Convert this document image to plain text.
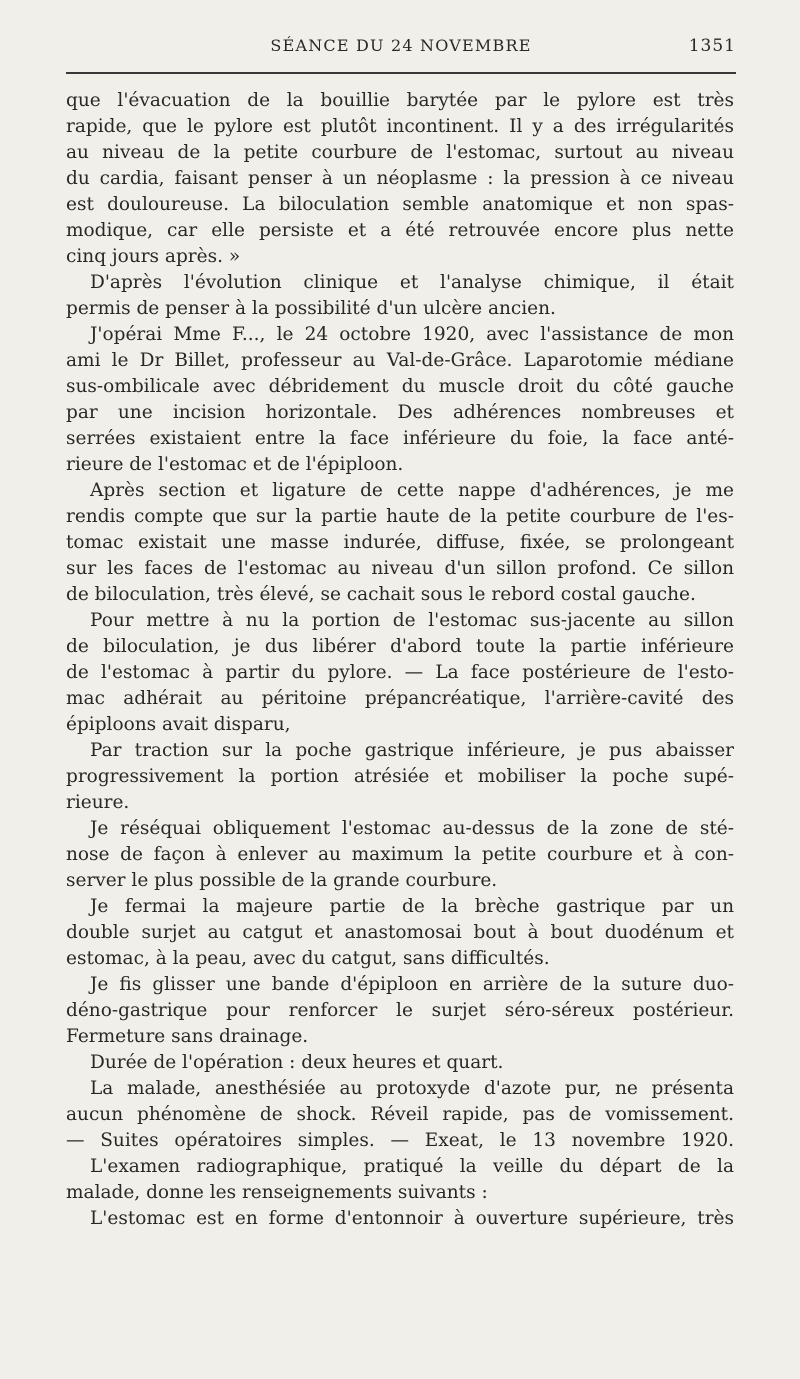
SÉANCE DU 24 NOVEMBRE	1351
que l'évacuation de la bouillie barytée par le pylore est très
rapide, que le pylore est plutôt incontinent. Il y a des irrégularités
au niveau de la petite courbure de l'estomac, surtout au niveau
du cardia, faisant penser à un néoplasme : la pression à ce niveau
est douloureuse. La biloculation semble anatomique et non spas-
modique, car elle persiste et a été retrouvée encore plus nette
cinq jours après. »
D'après l'évolution clinique et l'analyse chimique, il était
permis de penser à la possibilité d'un ulcère ancien.
J'opérai Mme F..., le 24 octobre 1920, avec l'assistance de mon
ami le Dr Billet, professeur au Val-de-Grâce. Laparotomie médiane
sus-ombilicale avec débridement du muscle droit du côté gauche
par une incision horizontale. Des adhérences nombreuses et
serrées existaient entre la face inférieure du foie, la face anté-
rieure de l'estomac et de l'épiploon.
Après section et ligature de cette nappe d'adhérences, je me
rendis compte que sur la partie haute de la petite courbure de l'es-
tomac existait une masse indurée, diffuse, fixée, se prolongeant
sur les faces de l'estomac au niveau d'un sillon profond. Ce sillon
de biloculation, très élevé, se cachait sous le rebord costal gauche.
Pour mettre à nu la portion de l'estomac sus-jacente au sillon
de biloculation, je dus libérer d'abord toute la partie inférieure
de l'estomac à partir du pylore. — La face postérieure de l'esto-
mac adhérait au péritoine prépancréatique, l'arrière-cavité des
épiploons avait disparu,
Par traction sur la poche gastrique inférieure, je pus abaisser
progressivement la portion atrésiée et mobiliser la poche supé-
rieure.
Je réséquai obliquement l'estomac au-dessus de la zone de sté-
nose de façon à enlever au maximum la petite courbure et à con-
server le plus possible de la grande courbure.
Je fermai la majeure partie de la brèche gastrique par un
double surjet au catgut et anastomosai bout à bout duodénum et
estomac, à la peau, avec du catgut, sans difficultés.
Je fis glisser une bande d'épiploon en arrière de la suture duo-
déno-gastrique pour renforcer le surjet séro-séreux postérieur.
Fermeture sans drainage.
Durée de l'opération : deux heures et quart.
La malade, anesthésiée au protoxyde d'azote pur, ne présenta
aucun phénomène de shock. Réveil rapide, pas de vomissement.
— Suites opératoires simples. — Exeat, le 13 novembre 1920.
L'examen radiographique, pratiqué la veille du départ de la
malade, donne les renseignements suivants :
L'estomac est en forme d'entonnoir à ouverture supérieure, très
